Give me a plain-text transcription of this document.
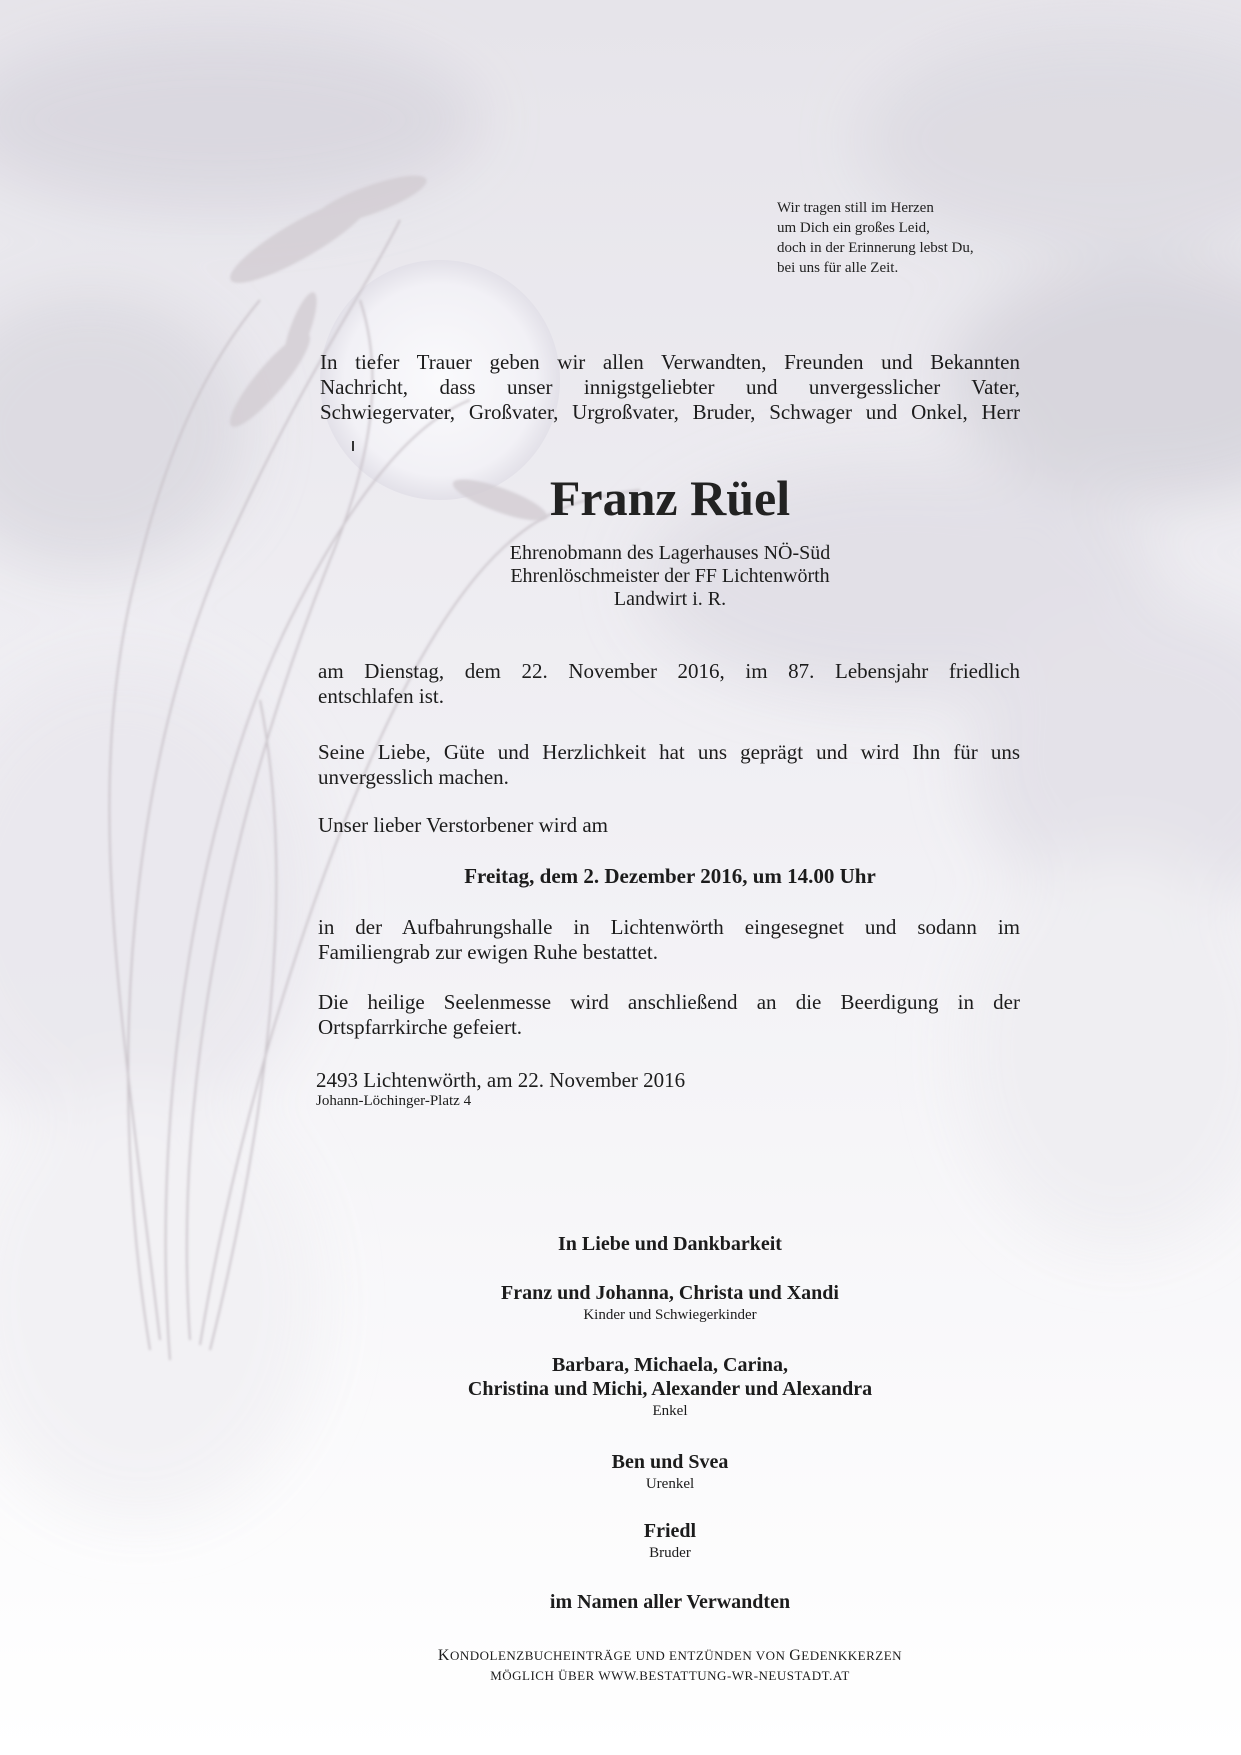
Wir tragen still im Herzen
um Dich ein großes Leid,
doch in der Erinnerung lebst Du,
bei uns für alle Zeit.
In tiefer Trauer geben wir allen Verwandten, Freunden und Bekannten
Nachricht, dass unser innigstgeliebter und unvergesslicher Vater,
Schwiegervater, Großvater, Urgroßvater, Bruder, Schwager und Onkel, Herr
Franz Rüel
Ehrenobmann des Lagerhauses NÖ-Süd
Ehrenlöschmeister der FF Lichtenwörth
Landwirt i. R.
am Dienstag, dem 22. November 2016, im 87. Lebensjahr friedlich
entschlafen ist.
Seine Liebe, Güte und Herzlichkeit hat uns geprägt und wird Ihn für uns
unvergesslich machen.
Unser lieber Verstorbener wird am
Freitag, dem 2. Dezember 2016, um 14.00 Uhr
in der Aufbahrungshalle in Lichtenwörth eingesegnet und sodann im
Familiengrab zur ewigen Ruhe bestattet.
Die heilige Seelenmesse wird anschließend an die Beerdigung in der
Ortspfarrkirche gefeiert.
2493 Lichtenwörth, am 22. November 2016
Johann-Löchinger-Platz 4
In Liebe und Dankbarkeit
Franz und Johanna, Christa und Xandi
Kinder und Schwiegerkinder
Barbara, Michaela, Carina,
Christina und Michi, Alexander und Alexandra
Enkel
Ben und Svea
Urenkel
Friedl
Bruder
im Namen aller Verwandten
KONDOLENZBUCHEINTRÄGE UND ENTZÜNDEN VON GEDENKKERZEN
MÖGLICH ÜBER WWW.BESTATTUNG-WR-NEUSTADT.AT
